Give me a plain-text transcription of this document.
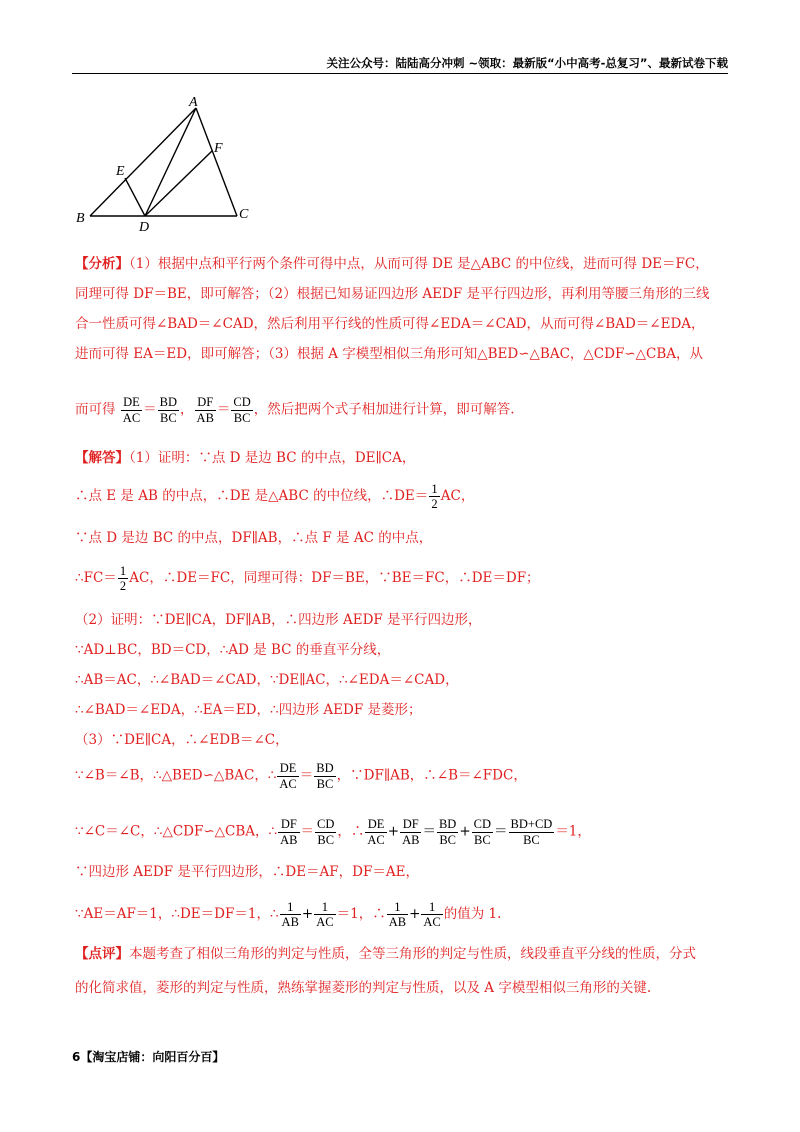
关注公众号：陆陆高分冲刺 ~领取：最新版“小中高考-总复习”、最新试卷下载
A
B	C
D
E
F
【分析】（1）根据中点和平行两个条件可得中点，从而可得 DE 是△ABC 的中位线，进而可得 DE＝FC，
同理可得 DF＝BE，即可解答；（2）根据已知易证四边形 AEDF 是平行四边形，再利用等腰三角形的三线
合一性质可得∠BAD＝∠CAD，然后利用平行线的性质可得∠EDA＝∠CAD，从而可得∠BAD＝∠EDA，
进而可得 EA＝ED，即可解答；（3）根据 A 字模型相似三角形可知△BED∽△BAC，△CDF∽△CBA，从
而可得 $\frac{DE}{AC} = \frac{BD}{BC}$ ， $\frac{DF}{AB} = \frac{CD}{BC}$ ，然后把两个式子相加进行计算，即可解答.
【解答】（1）证明：∵点 D 是边 BC 的中点，DE∥CA，
∴点 E 是 AB 的中点，∴DE 是△ABC 的中位线，∴DE＝ $\frac{1}{2}$ AC，
∵点 D 是边 BC 的中点，DF∥AB，∴点 F 是 AC 的中点，
∴FC＝ $\frac{1}{2}$ AC，∴DE＝FC，同理可得：DF＝BE，∵BE＝FC，∴DE＝DF；
（2）证明：∵DE∥CA，DF∥AB，∴四边形 AEDF 是平行四边形，
∵AD⊥BC，BD＝CD，∴AD 是 BC 的垂直平分线，
∴AB＝AC，∴∠BAD＝∠CAD，∵DE∥AC，∴∠EDA＝∠CAD，
∴∠BAD＝∠EDA，∴EA＝ED，∴四边形 AEDF 是菱形；
（3）∵DE∥CA，∴∠EDB＝∠C，
∵∠B＝∠B，∴△BED∽△BAC，∴ $\frac{DE}{AC} = \frac{BD}{BC}$ ，∵DF∥AB，∴∠B＝∠FDC，
∵∠C＝∠C，∴△CDF∽△CBA，∴ $\frac{DF}{AB} = \frac{CD}{BC}$ ，∴ $\frac{DE}{AC} + \frac{DF}{AB} = \frac{BD}{BC} + \frac{CD}{BC} = \frac{BD+CD}{BC} =1$，
∵四边形 AEDF 是平行四边形，∴DE＝AF，DF＝AE，
∵AE＝AF＝1，∴DE＝DF＝1，∴ $\frac{1}{AB} + \frac{1}{AC} =1$，∴ $\frac{1}{AB} + \frac{1}{AC}$ 的值为 1.
【点评】本题考查了相似三角形的判定与性质，全等三角形的判定与性质，线段垂直平分线的性质，分式
的化简求值，菱形的判定与性质，熟练掌握菱形的判定与性质，以及 A 字模型相似三角形的关键.
6【淘宝店铺：向阳百分百】
